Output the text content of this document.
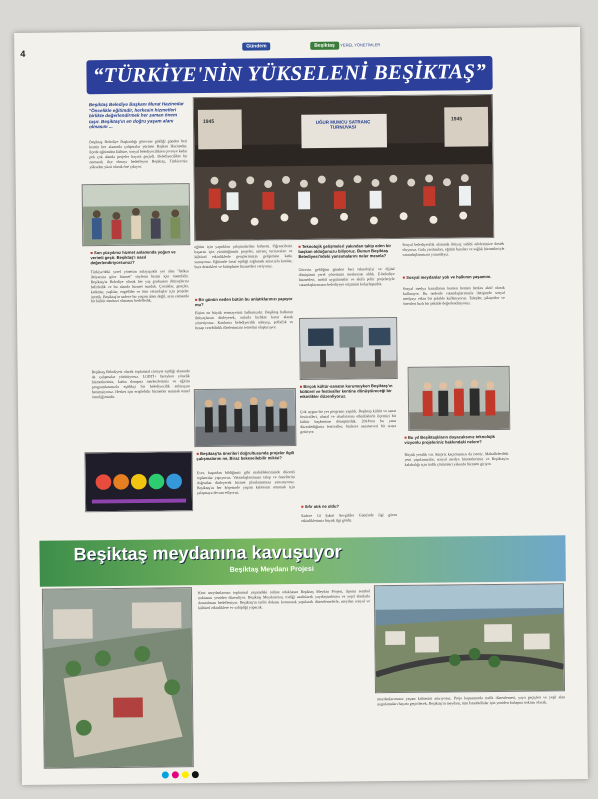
4
Gündem	Beşiktaş	YEREL YÖNETİMLER
“TÜRKİYE'NİN YÜKSELENİ BEŞİKTAŞ”
Beşiktaş Belediye Başkanı Murat Hazinedar "Öncelikle eğitimdir, herkesin hizmetleri birlikte değerlendirmek her zaman önem taşır. Beşiktaş'ın en doğru yaşam alanı olmasını ...
Beşiktaş Belediye Başkanlığı görevine geldiği günden beri kentin her alanında çalışmalar yürüten Başkan Hazinedar, ilçede eğitimden kültüre, sosyal belediyecilikten çevreye kadar pek çok alanda projeler hayata geçirdi. Belediyecilikte bir numaralı ilçe olmayı hedefleyen Beşiktaş, Türkiye'nin yükselen yüzü olarak öne çıkıyor.
■ Son yüzyılınız hizmet anlamında yoğun ve verimli geçti. Beşiktaş'ı nasıl değerlendiriyorsunuz?
Türkiye'deki yerel yönetim anlayışında yer alan "halkın ihtiyacına göre hizmet" söylemi bizim için önemlidir. Beşiktaş'ta Belediye olarak her yaş grubunun ihtiyaçlarını belirledik ve bu alanda hizmet sunduk. Çocuklar, gençler, kadınlar, yaşlılar, engelliler ve tüm vatandaşlar için projeler ürettik. Beşiktaş'ın sadece bir yaşam alanı değil, aynı zamanda bir kültür merkezi olmasını hedefledik.
Beşiktaş Belediyesi olarak toplumsal cinsiyet eşitliği alanında da çalışmalar yürütüyoruz. LGBTİ+ bireylere yönelik hizmetlerimiz, kadın danışma merkezlerimiz ve eğitim programlarımızla eşitlikçi bir belediyecilik anlayışını benimsiyoruz. Herkes için erişilebilir hizmetler sunmak temel önceliğimizdir.
UĞUR MUMCU SATRANÇ TURNUVASI
1945	1945
eğitim için yaptıkları çalışmalardan bahsetti. Öğrencilerin başarısı için yürüttüğümüz projeler, satranç turnuvaları ve kültürel etkinliklerle gençlerimizin gelişimine katkı sunuyoruz. Eğitimde fırsat eşitliği sağlamak amacıyla kurslar, burs destekleri ve kütüphane hizmetleri veriyoruz.
■ Bir günün neden bütün bu anlatıklarınızı yapıyor mu?
Bizim en büyük sermayemiz halkımızdır. Beşiktaş halkının ihtiyaçlarını dinleyerek, onlarla birlikte karar alarak yönetiyoruz. Katılımcı belediyecilik anlayışı, şeffaflık ve hesap verebilirlik ilkelerimizin temelini oluşturuyor.
■ Beşiktaş'ta önerileri doğrultusunda projeler ilgili çalışmalarını ne, Biraz bekeseilebilir mikisi?
Evet, başından bildiğimiz gibi mahallelerimizde düzenli toplantılar yapıyoruz. Vatandaşlarımızın talep ve önerilerini doğrudan dinleyerek hizmet planlamamıza yansıtıyoruz. Beşiktaş'ın her köşesinde yaşam kalitesini artırmak için çalışmaya devam ediyoruz.
■ Teknolojik gelişmeleri yakından takip eden bir başkan olduğunuzu biliyoruz. Bunun Beşiktaş Belediyesi'ndeki yansımalarını neler mesela?
Görevin geldiğim günden beri teknolojiyi ve dijital dönüşümü yerel yönetimin merkezine aldık. E-belediye hizmetleri, mobil uygulamalar ve akıllı şehir projeleriyle vatandaşlarımızın belediyeye erişimini kolaylaştırdık.
■ Birçok kültür-sanatın kurumuyken Beşiktaş'ın kültürel ve festivaller kentine dönüştüreceği bir etkinlikler düzenliyoruz.
Çok uygun bir yer programı yapıldı. Beşiktaş kültür ve sanat festivalleri, ulusal ve uluslararası etkinliklerle ilçemizi bir kültür başkentine dönüştürdük. 2014'ten bu yana düzenlediğimiz festivaller, binlerce sanatseveri bir araya getiriyor.
■ Sıfır atık ne oldu?
Sadece 14 Şubat Sevgililer Günü'nde ilgi gören etkinliklerimiz büyük ilgi gördü.
Sosyal belediyecilik alanında ihtiyaç sahibi ailelerimize destek oluyoruz. Gıda yardımları, eğitim bursları ve sağlık hizmetleriyle vatandaşlarımızın yanındayız.
■ Sosyal meydanlar yok ve halkının yaşamını.
Sosyal medya kanallarını hemen hemen herkes aktif olarak kullanıyor. Bu nedenle vatandaşlarımızla iletişimde sosyal medyayı etkin bir şekilde kullanıyoruz. Talepler, şikayetler ve önerileri hızlı bir şekilde değerlendiriyoruz.
■ Bu yıl Beşiktaşlıların duyacaksınız teknolojik vizyonlu projeleriniz hakkındaki nelere?
Büyük yenilik var. Sürpriz kaçırmamızı da isteriz. Mahallelerdeki yeni yapılanmalar, sosyal medya hizmetlerimiz ve Beşiktaş'ın kalabalığı için trafik çözümleri yakında hizmete giriyor.
Beşiktaş meydanına kavuşuyor
Beşiktaş Meydanı Projesi
Kent meydanlarının toplumsal yaşamdaki rolüne odaklanan Beşiktaş Meydan Projesi, ilçenin sembol noktasını yeniden düzenliyor. Beşiktaş Meydanı'nın, trafiği azaltılarak yayalaştırılması ve yeşil alanlarla donatılması hedefleniyor. Beşiktaş'ın tarihi dokusu korunarak yapılacak düzenlemelerle, meydan sosyal ve kültürel etkinliklere ev sahipliği yapacak.
meydanlarımızın yaşam kalitesini artırıyoruz. Proje kapsamında trafik düzenlemesi, yaya geçişleri ve yeşil alan uygulamaları hayata geçirilecek. Beşiktaş'ın meydanı, tüm İstanbullular için yeniden buluşma noktası olacak.
